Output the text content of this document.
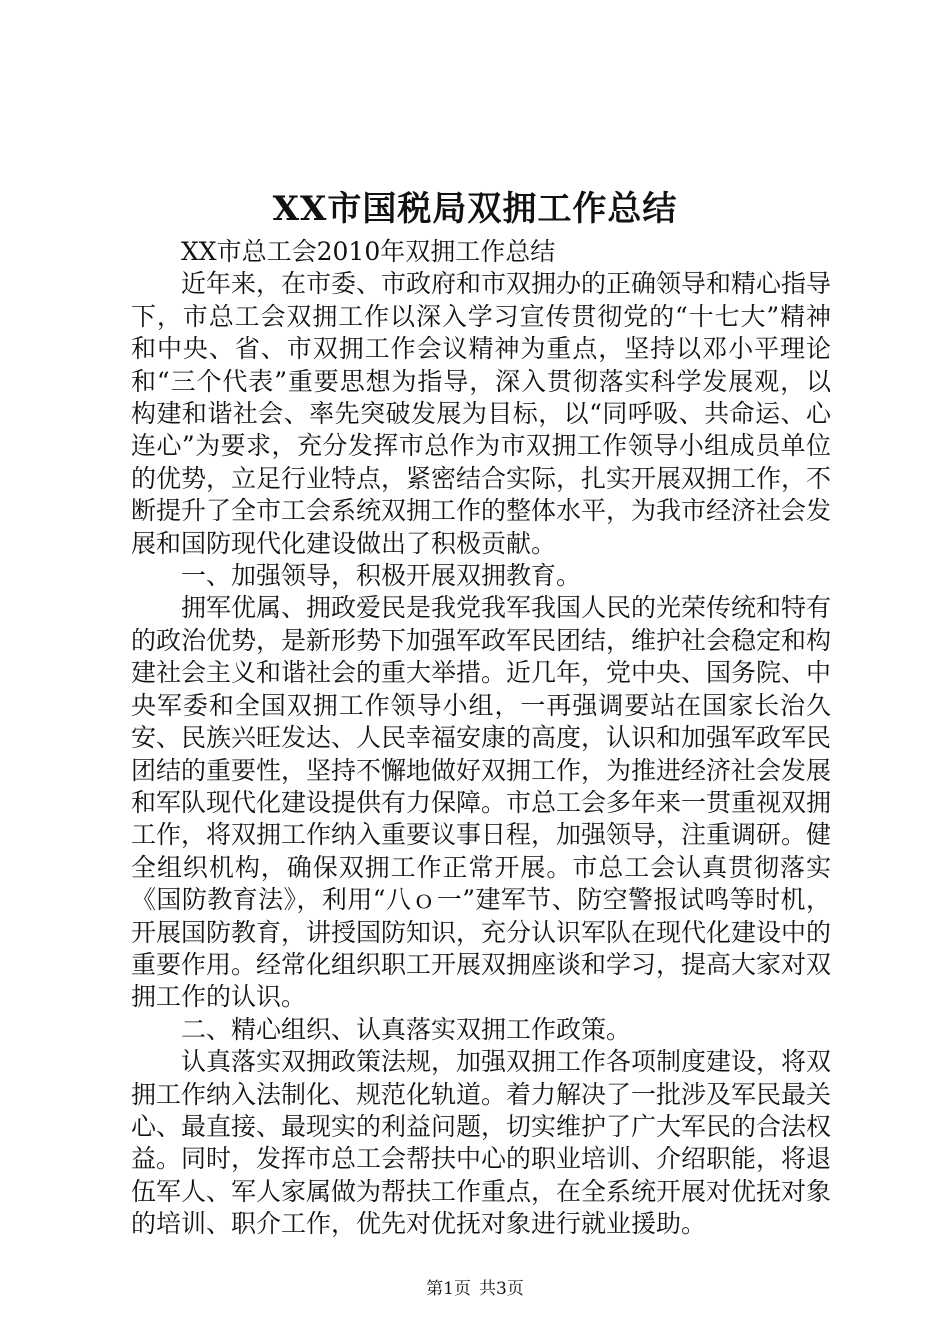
XX市国税局双拥工作总结

XX市总工会2010年双拥工作总结

近年来，在市委、市政府和市双拥办的正确领导和精心指导下，市总工会双拥工作以深入学习宣传贯彻党的“十七大”精神和中央、省、市双拥工作会议精神为重点，坚持以邓小平理论和“三个代表”重要思想为指导，深入贯彻落实科学发展观，以构建和谐社会、率先突破发展为目标，以“同呼吸、共命运、心连心”为要求，充分发挥市总作为市双拥工作领导小组成员单位的优势，立足行业特点，紧密结合实际，扎实开展双拥工作，不断提升了全市工会系统双拥工作的整体水平，为我市经济社会发展和国防现代化建设做出了积极贡献。

一、加强领导，积极开展双拥教育。

拥军优属、拥政爱民是我党我军我国人民的光荣传统和特有的政治优势，是新形势下加强军政军民团结，维护社会稳定和构建社会主义和谐社会的重大举措。近几年，党中央、国务院、中央军委和全国双拥工作领导小组，一再强调要站在国家长治久安、民族兴旺发达、人民幸福安康的高度，认识和加强军政军民团结的重要性，坚持不懈地做好双拥工作，为推进经济社会发展和军队现代化建设提供有力保障。市总工会多年来一贯重视双拥工作，将双拥工作纳入重要议事日程，加强领导，注重调研。健全组织机构，确保双拥工作正常开展。市总工会认真贯彻落实《国防教育法》，利用“八ｏ一”建军节、防空警报试鸣等时机，开展国防教育，讲授国防知识，充分认识军队在现代化建设中的重要作用。经常化组织职工开展双拥座谈和学习，提高大家对双拥工作的认识。

二、精心组织、认真落实双拥工作政策。

认真落实双拥政策法规，加强双拥工作各项制度建设，将双拥工作纳入法制化、规范化轨道。着力解决了一批涉及军民最关心、最直接、最现实的利益问题，切实维护了广大军民的合法权益。同时，发挥市总工会帮扶中心的职业培训、介绍职能，将退伍军人、军人家属做为帮扶工作重点，在全系统开展对优抚对象的培训、职介工作，优先对优抚对象进行就业援助。

第1页 共3页
